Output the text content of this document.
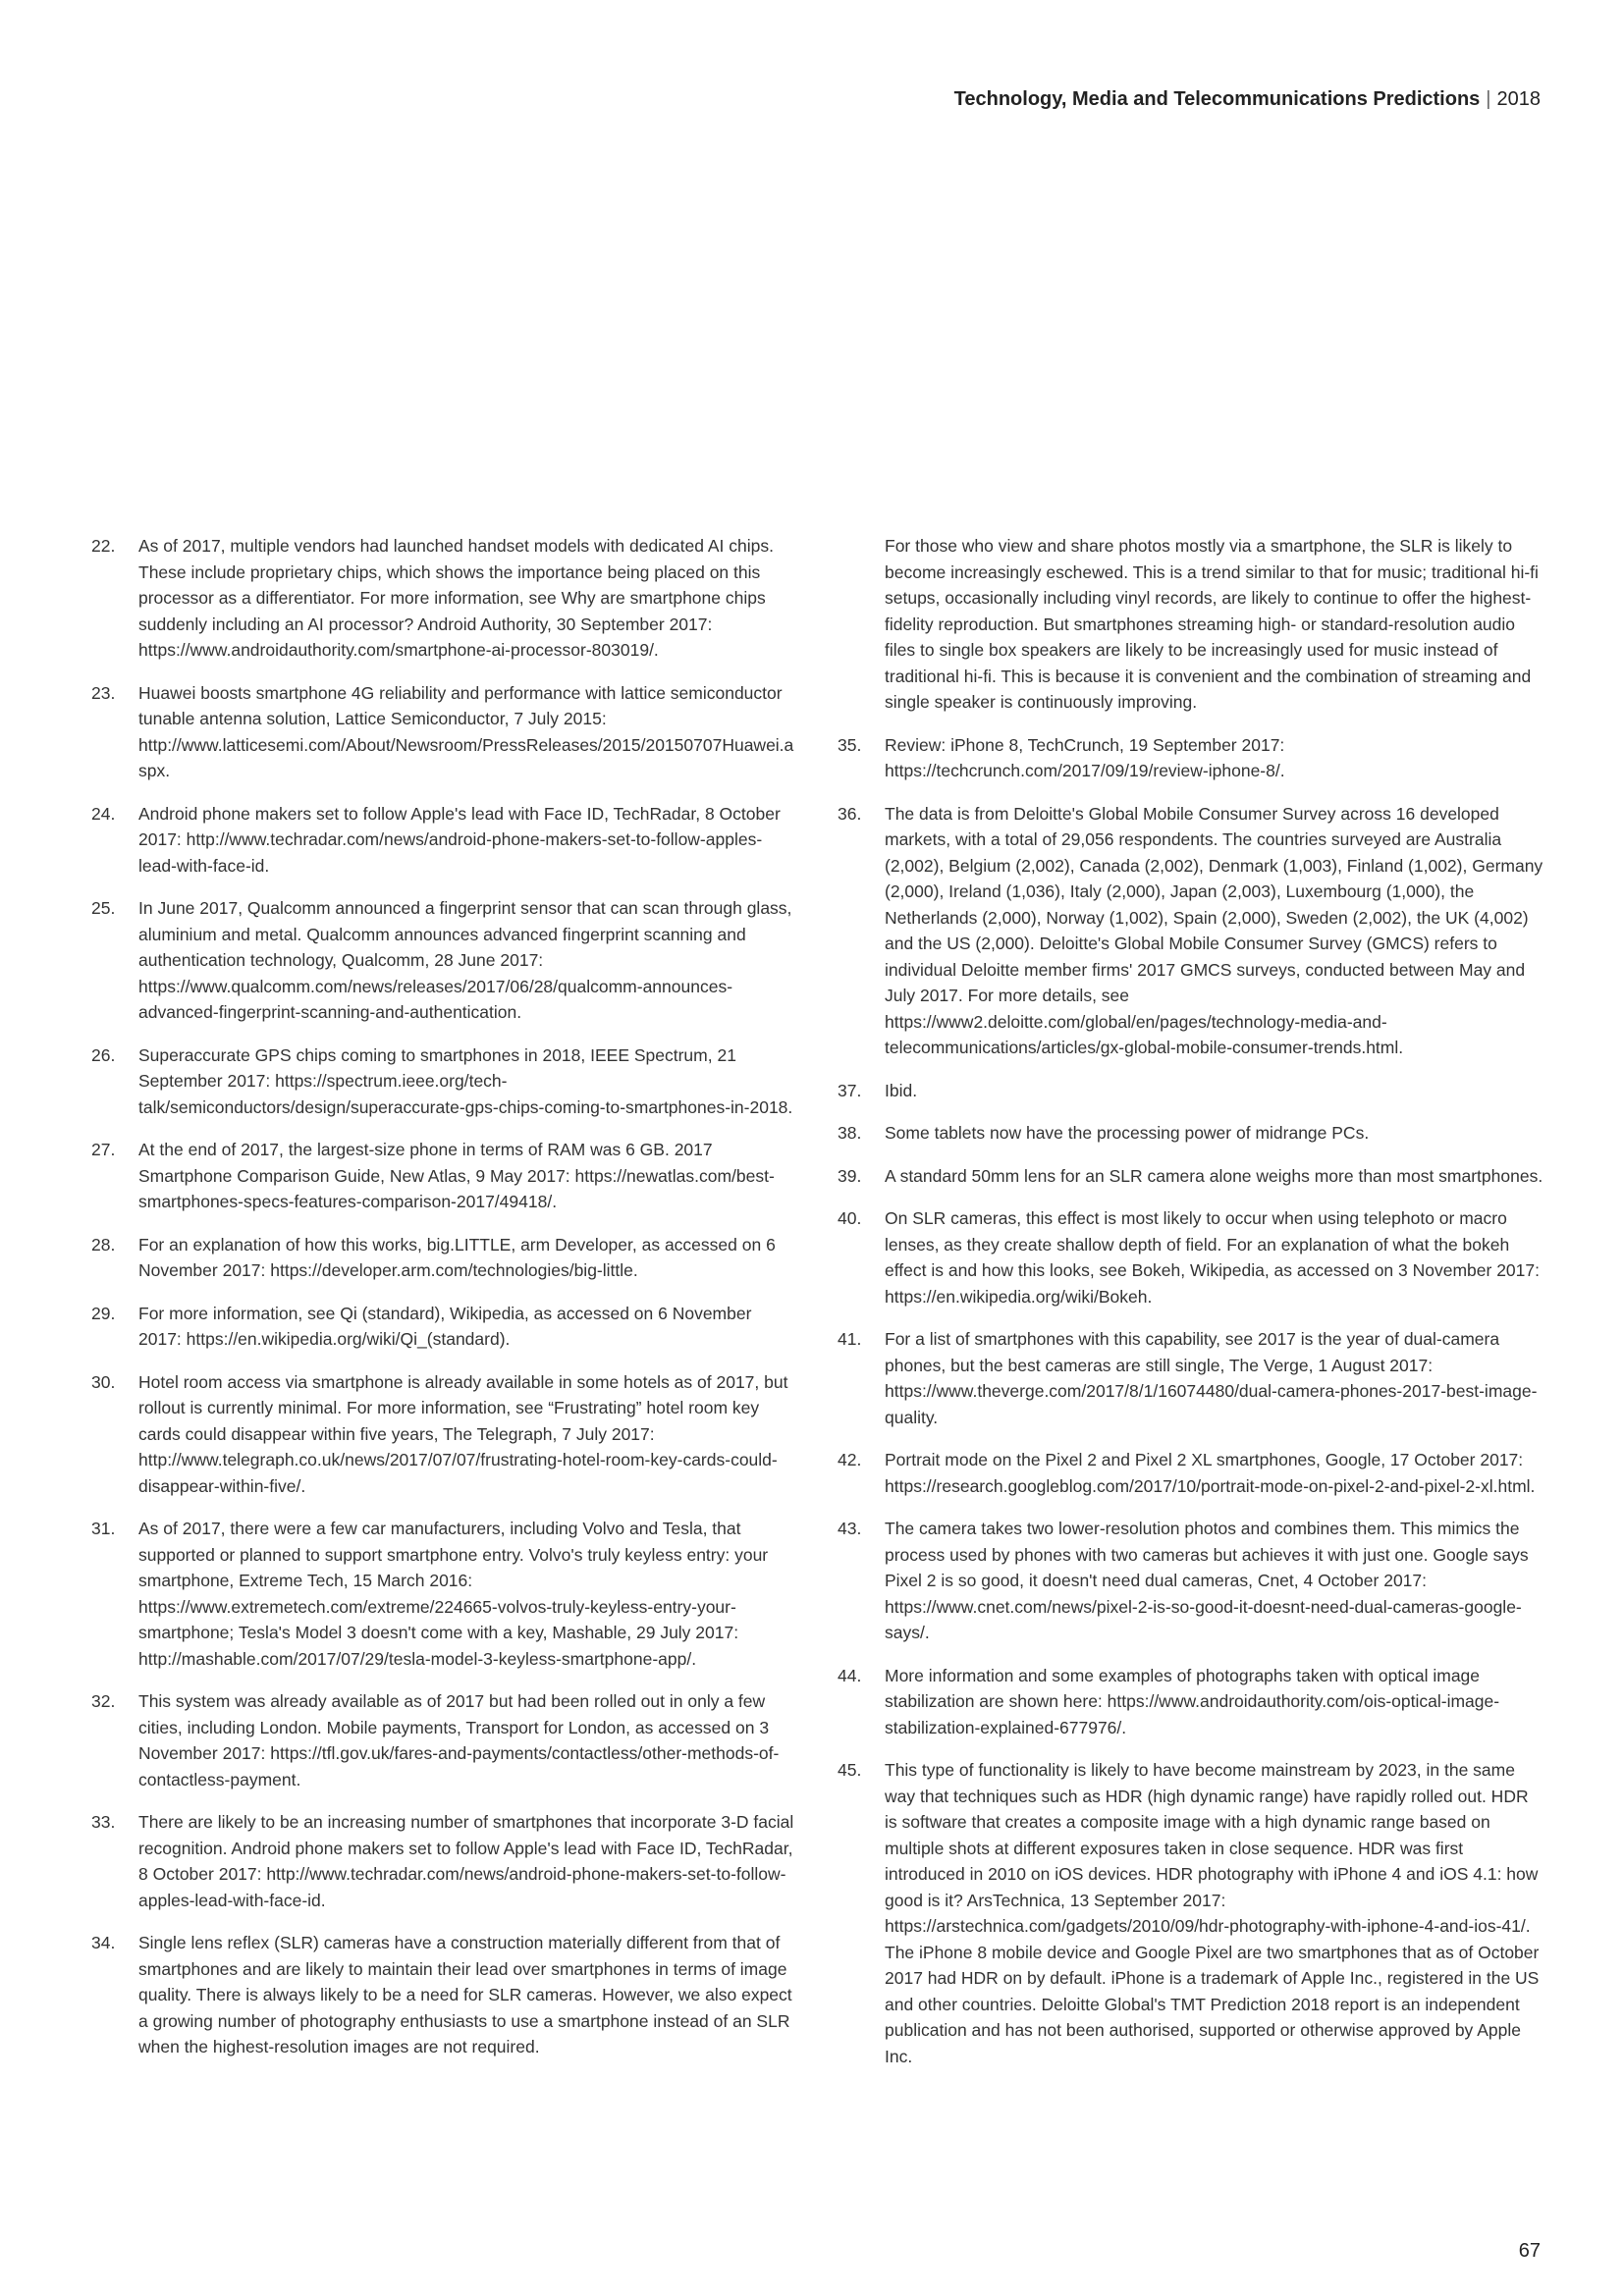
Technology, Media and Telecommunications Predictions | 2018
22.	As of 2017, multiple vendors had launched handset models with dedicated AI chips. These include proprietary chips, which shows the importance being placed on this processor as a differentiator. For more information, see Why are smartphone chips suddenly including an AI processor? Android Authority, 30 September 2017: https://www.androidauthority.com/smartphone-ai-processor-803019/.
23.	Huawei boosts smartphone 4G reliability and performance with lattice semiconductor tunable antenna solution, Lattice Semiconductor, 7 July 2015: http://www.latticesemi.com/About/Newsroom/PressReleases/2015/20150707Huawei.aspx.
24.	Android phone makers set to follow Apple's lead with Face ID, TechRadar, 8 October 2017: http://www.techradar.com/news/android-phone-makers-set-to-follow-apples-lead-with-face-id.
25.	In June 2017, Qualcomm announced a fingerprint sensor that can scan through glass, aluminium and metal. Qualcomm announces advanced fingerprint scanning and authentication technology, Qualcomm, 28 June 2017: https://www.qualcomm.com/news/releases/2017/06/28/qualcomm-announces-advanced-fingerprint-scanning-and-authentication.
26.	Superaccurate GPS chips coming to smartphones in 2018, IEEE Spectrum, 21 September 2017: https://spectrum.ieee.org/tech-talk/semiconductors/design/superaccurate-gps-chips-coming-to-smartphones-in-2018.
27.	At the end of 2017, the largest-size phone in terms of RAM was 6 GB. 2017 Smartphone Comparison Guide, New Atlas, 9 May 2017: https://newatlas.com/best-smartphones-specs-features-comparison-2017/49418/.
28.	For an explanation of how this works, big.LITTLE, arm Developer, as accessed on 6 November 2017: https://developer.arm.com/technologies/big-little.
29.	For more information, see Qi (standard), Wikipedia, as accessed on 6 November 2017: https://en.wikipedia.org/wiki/Qi_(standard).
30.	Hotel room access via smartphone is already available in some hotels as of 2017, but rollout is currently minimal. For more information, see “Frustrating” hotel room key cards could disappear within five years, The Telegraph, 7 July 2017: http://www.telegraph.co.uk/news/2017/07/07/frustrating-hotel-room-key-cards-could-disappear-within-five/.
31.	As of 2017, there were a few car manufacturers, including Volvo and Tesla, that supported or planned to support smartphone entry. Volvo's truly keyless entry: your smartphone, Extreme Tech, 15 March 2016: https://www.extremetech.com/extreme/224665-volvos-truly-keyless-entry-your-smartphone; Tesla's Model 3 doesn't come with a key, Mashable, 29 July 2017: http://mashable.com/2017/07/29/tesla-model-3-keyless-smartphone-app/.
32.	This system was already available as of 2017 but had been rolled out in only a few cities, including London. Mobile payments, Transport for London, as accessed on 3 November 2017: https://tfl.gov.uk/fares-and-payments/contactless/other-methods-of-contactless-payment.
33.	There are likely to be an increasing number of smartphones that incorporate 3-D facial recognition. Android phone makers set to follow Apple's lead with Face ID, TechRadar, 8 October 2017: http://www.techradar.com/news/android-phone-makers-set-to-follow-apples-lead-with-face-id.
34.	Single lens reflex (SLR) cameras have a construction materially different from that of smartphones and are likely to maintain their lead over smartphones in terms of image quality. There is always likely to be a need for SLR cameras. However, we also expect a growing number of photography enthusiasts to use a smartphone instead of an SLR when the highest-resolution images are not required.
For those who view and share photos mostly via a smartphone, the SLR is likely to become increasingly eschewed. This is a trend similar to that for music; traditional hi-fi setups, occasionally including vinyl records, are likely to continue to offer the highest-fidelity reproduction. But smartphones streaming high- or standard-resolution audio files to single box speakers are likely to be increasingly used for music instead of traditional hi-fi. This is because it is convenient and the combination of streaming and single speaker is continuously improving.
35.	Review: iPhone 8, TechCrunch, 19 September 2017: https://techcrunch.com/2017/09/19/review-iphone-8/.
36.	The data is from Deloitte's Global Mobile Consumer Survey across 16 developed markets, with a total of 29,056 respondents. The countries surveyed are Australia (2,002), Belgium (2,002), Canada (2,002), Denmark (1,003), Finland (1,002), Germany (2,000), Ireland (1,036), Italy (2,000), Japan (2,003), Luxembourg (1,000), the Netherlands (2,000), Norway (1,002), Spain (2,000), Sweden (2,002), the UK (4,002) and the US (2,000). Deloitte's Global Mobile Consumer Survey (GMCS) refers to individual Deloitte member firms' 2017 GMCS surveys, conducted between May and July 2017. For more details, see https://www2.deloitte.com/global/en/pages/technology-media-and-telecommunications/articles/gx-global-mobile-consumer-trends.html.
37.	Ibid.
38.	Some tablets now have the processing power of midrange PCs.
39.	A standard 50mm lens for an SLR camera alone weighs more than most smartphones.
40.	On SLR cameras, this effect is most likely to occur when using telephoto or macro lenses, as they create shallow depth of field. For an explanation of what the bokeh effect is and how this looks, see Bokeh, Wikipedia, as accessed on 3 November 2017: https://en.wikipedia.org/wiki/Bokeh.
41.	For a list of smartphones with this capability, see 2017 is the year of dual-camera phones, but the best cameras are still single, The Verge, 1 August 2017: https://www.theverge.com/2017/8/1/16074480/dual-camera-phones-2017-best-image-quality.
42.	Portrait mode on the Pixel 2 and Pixel 2 XL smartphones, Google, 17 October 2017: https://research.googleblog.com/2017/10/portrait-mode-on-pixel-2-and-pixel-2-xl.html.
43.	The camera takes two lower-resolution photos and combines them. This mimics the process used by phones with two cameras but achieves it with just one. Google says Pixel 2 is so good, it doesn't need dual cameras, Cnet, 4 October 2017: https://www.cnet.com/news/pixel-2-is-so-good-it-doesnt-need-dual-cameras-google-says/.
44.	More information and some examples of photographs taken with optical image stabilization are shown here: https://www.androidauthority.com/ois-optical-image-stabilization-explained-677976/.
45.	This type of functionality is likely to have become mainstream by 2023, in the same way that techniques such as HDR (high dynamic range) have rapidly rolled out. HDR is software that creates a composite image with a high dynamic range based on multiple shots at different exposures taken in close sequence. HDR was first introduced in 2010 on iOS devices. HDR photography with iPhone 4 and iOS 4.1: how good is it? ArsTechnica, 13 September 2017: https://arstechnica.com/gadgets/2010/09/hdr-photography-with-iphone-4-and-ios-41/. The iPhone 8 mobile device and Google Pixel are two smartphones that as of October 2017 had HDR on by default. iPhone is a trademark of Apple Inc., registered in the US and other countries. Deloitte Global's TMT Prediction 2018 report is an independent publication and has not been authorised, supported or otherwise approved by Apple Inc.
67
